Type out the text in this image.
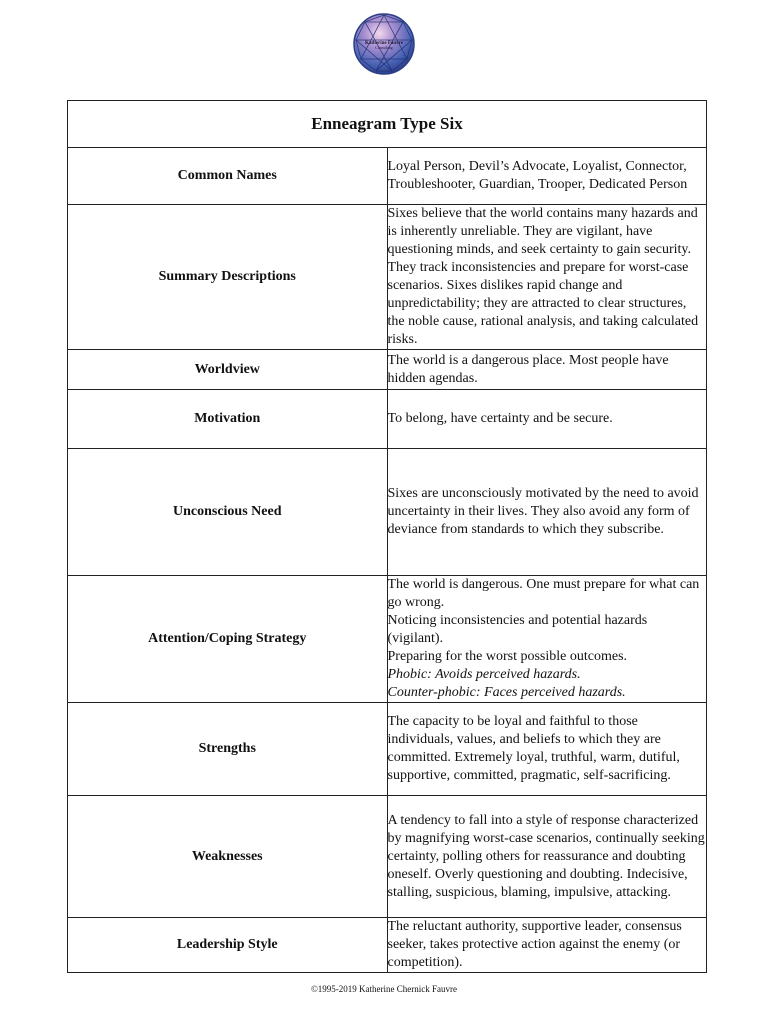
Katherine Fauvre
Consulting
Enneagram Type Six	
Common Names	Loyal Person, Devil’s Advocate, Loyalist, Connector, Troubleshooter, Guardian, Trooper, Dedicated Person
Summary Descriptions	Sixes believe that the world contains many hazards and is inherently unreliable. They are vigilant, have questioning minds, and seek certainty to gain security. They track inconsistencies and prepare for worst-case scenarios. Sixes dislikes rapid change and unpredictability; they are attracted to clear structures, the noble cause, rational analysis, and taking calculated risks.
Worldview	The world is a dangerous place. Most people have hidden agendas.
Motivation	To belong, have certainty and be secure.
Unconscious Need	Sixes are unconsciously motivated by the need to avoid uncertainty in their lives. They also avoid any form of deviance from standards to which they subscribe.
Attention/Coping Strategy	The world is dangerous. One must prepare for what can go wrong.
Noticing inconsistencies and potential hazards (vigilant).
Preparing for the worst possible outcomes.
Phobic: Avoids perceived hazards.
Counter-phobic: Faces perceived hazards.

Strengths	The capacity to be loyal and faithful to those individuals, values, and beliefs to which they are committed. Extremely loyal, truthful, warm, dutiful, supportive, committed, pragmatic, self-sacrificing.
Weaknesses	A tendency to fall into a style of response characterized by magnifying worst-case scenarios, continually seeking certainty, polling others for reassurance and doubting oneself. Overly questioning and doubting. Indecisive, stalling, suspicious, blaming, impulsive, attacking.
Leadership Style	The reluctant authority, supportive leader, consensus seeker, takes protective action against the enemy (or competition).
©1995-2019 Katherine Chernick Fauvre
